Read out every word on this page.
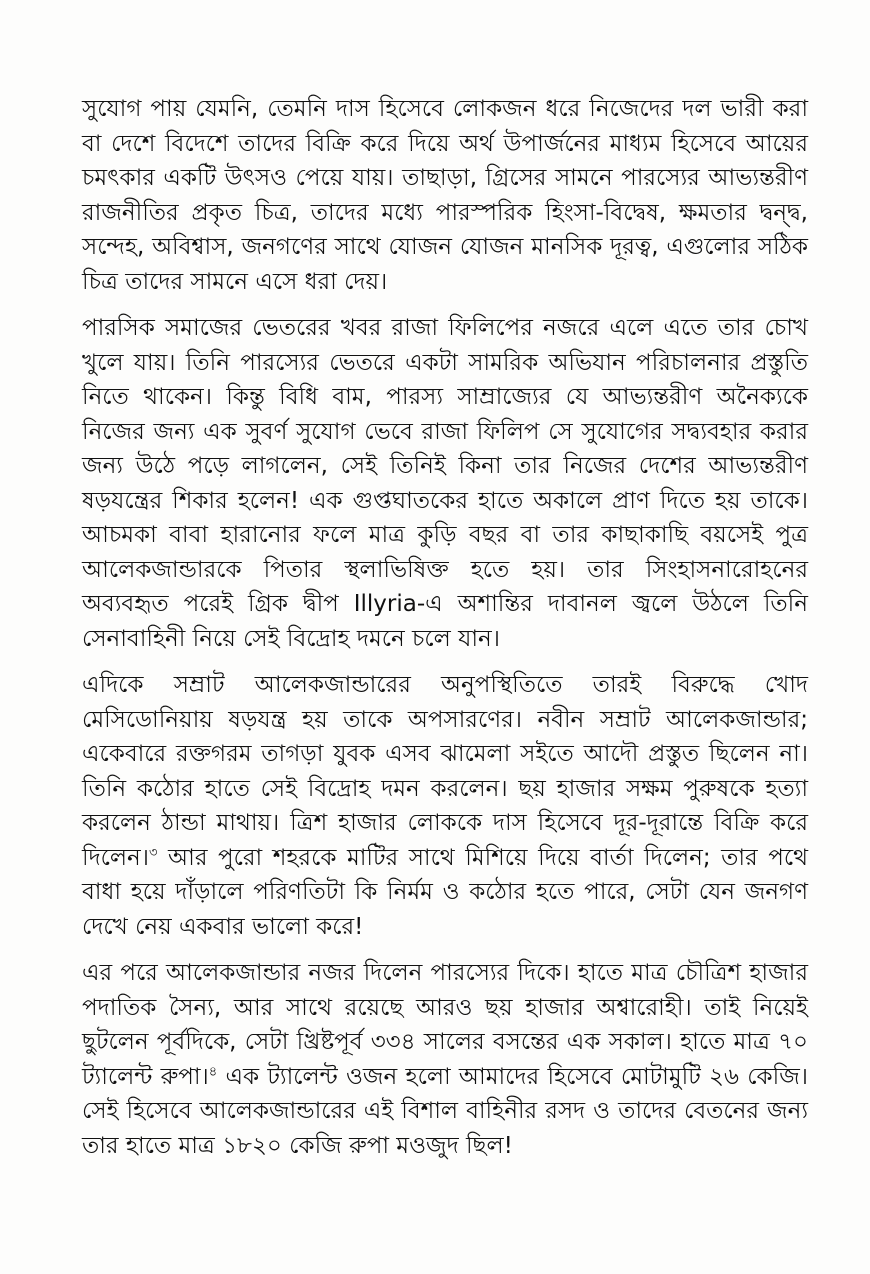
সুযোগ পায় যেমনি, তেমনি দাস হিসেবে লোকজন ধরে নিজেদের দল ভারী করা বা দেশে বিদেশে তাদের বিক্রি করে দিয়ে অর্থ উপার্জনের মাধ্যম হিসেবে আয়ের চমৎকার একটি উৎসও পেয়ে যায়। তাছাড়া, গ্রিসের সামনে পারস্যের আভ্যন্তরীণ রাজনীতির প্রকৃত চিত্র, তাদের মধ্যে পারস্পরিক হিংসা-বিদ্বেষ, ক্ষমতার দ্বন্দ্ব, সন্দেহ, অবিশ্বাস, জনগণের সাথে যোজন যোজন মানসিক দূরত্ব, এগুলোর সঠিক চিত্র তাদের সামনে এসে ধরা দেয়।

পারসিক সমাজের ভেতরের খবর রাজা ফিলিপের নজরে এলে এতে তার চোখ খুলে যায়। তিনি পারস্যের ভেতরে একটা সামরিক অভিযান পরিচালনার প্রস্তুতি নিতে থাকেন। কিন্তু বিধি বাম, পারস্য সাম্রাজ্যের যে আভ্যন্তরীণ অনৈক্যকে নিজের জন্য এক সুবর্ণ সুযোগ ভেবে রাজা ফিলিপ সে সুযোগের সদ্ব্যবহার করার জন্য উঠে পড়ে লাগলেন, সেই তিনিই কিনা তার নিজের দেশের আভ্যন্তরীণ ষড়যন্ত্রের শিকার হলেন! এক গুপ্তঘাতকের হাতে অকালে প্রাণ দিতে হয় তাকে। আচমকা বাবা হারানোর ফলে মাত্র কুড়ি বছর বা তার কাছাকাছি বয়সেই পুত্র আলেকজান্ডারকে পিতার স্থলাভিষিক্ত হতে হয়। তার সিংহাসনারোহনের অব্যবহৃত পরেই গ্রিক দ্বীপ Illyria-এ অশান্তির দাবানল জ্বলে উঠলে তিনি সেনাবাহিনী নিয়ে সেই বিদ্রোহ দমনে চলে যান।

এদিকে সম্রাট আলেকজান্ডারের অনুপস্থিতিতে তারই বিরুদ্ধে খোদ মেসিডোনিয়ায় ষড়যন্ত্র হয় তাকে অপসারণের। নবীন সম্রাট আলেকজান্ডার; একেবারে রক্তগরম তাগড়া যুবক এসব ঝামেলা সইতে আদৌ প্রস্তুত ছিলেন না। তিনি কঠোর হাতে সেই বিদ্রোহ দমন করলেন। ছয় হাজার সক্ষম পুরুষকে হত্যা করলেন ঠান্ডা মাথায়। ত্রিশ হাজার লোককে দাস হিসেবে দূর-দূরান্তে বিক্রি করে দিলেন।$^৩$ আর পুরো শহরকে মাটির সাথে মিশিয়ে দিয়ে বার্তা দিলেন; তার পথে বাধা হয়ে দাঁড়ালে পরিণতিটা কি নির্মম ও কঠোর হতে পারে, সেটা যেন জনগণ দেখে নেয় একবার ভালো করে!

এর পরে আলেকজান্ডার নজর দিলেন পারস্যের দিকে। হাতে মাত্র চৌত্রিশ হাজার পদাতিক সৈন্য, আর সাথে রয়েছে আরও ছয় হাজার অশ্বারোহী। তাই নিয়েই ছুটলেন পূর্বদিকে, সেটা খ্রিষ্টপূর্ব ৩৩৪ সালের বসন্তের এক সকাল। হাতে মাত্র ৭০ ট্যালেন্ট রুপা।$^৪$ এক ট্যালেন্ট ওজন হলো আমাদের হিসেবে মোটামুটি ২৬ কেজি। সেই হিসেবে আলেকজান্ডারের এই বিশাল বাহিনীর রসদ ও তাদের বেতনের জন্য তার হাতে মাত্র ১৮২০ কেজি রুপা মওজুদ ছিল!
